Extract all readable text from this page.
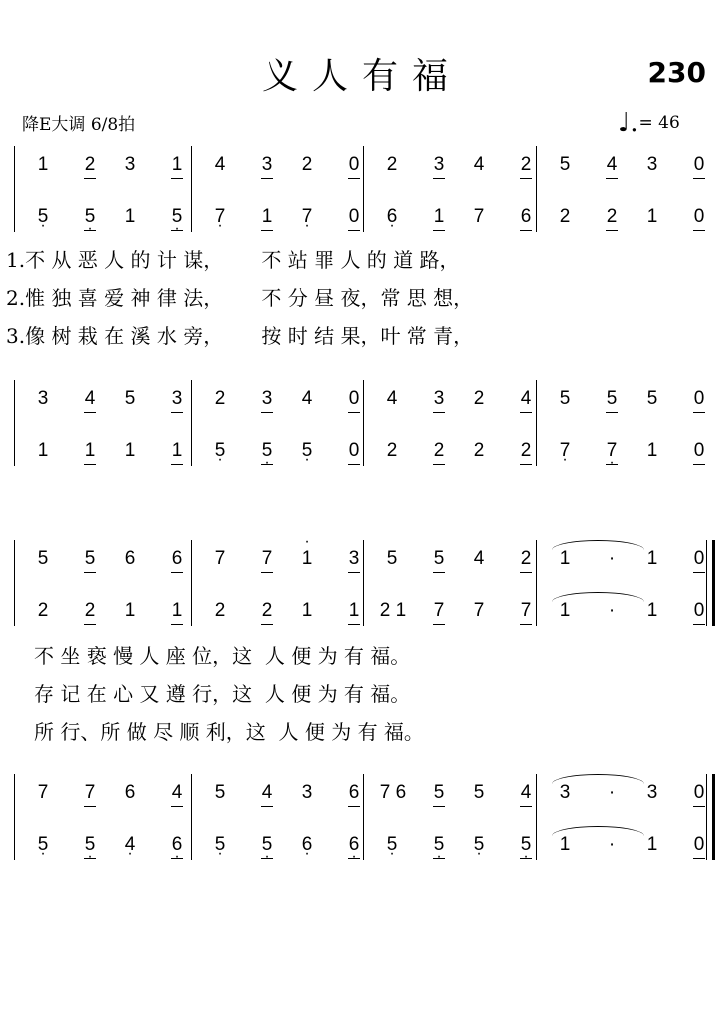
义人有福	230
降E大调 6/8拍	♩.= 46
1	2	3	1	4	3	2	0	2	3	4	2	5	4	3	0
· 5	· 5	1	· 5	· 7	1	· 7	0	· 6	1	7	6	2	2	1	0
1.不 从 恶 人 的 计 谋，      不 站 罪 人 的 道 路，
2.惟 独 喜 爱 神 律 法，      不 分 昼 夜，常 思 想，
3.像 树 栽 在 溪 水 旁，      按 时 结 果，叶 常 青，
3	4	5	3	2	3	4	0	4	3	2	4	5	5	5	0
1	1	1	1	· 5	· 5	· 5	0	2	2	2	2	· 7	· 7	1	0
5	5	6	6	7	7	· 1	3	5	5	4	2	1	·	1	0
2	2	1	1	2	2	1	1	2 1	7	7	7	1	·	1	0
不 坐 亵 慢 人 座 位，这  人 便 为 有 福。
存 记 在 心 又 遵 行，这  人 便 为 有 福。
所 行、所 做 尽 顺 利，这  人 便 为 有 福。
7	7	6	4	5	4	3	6	7 6	5	5	4	3	·	3	0
· 5	· 5	· 4	· 6	· 5	· 5	· 6	· 6	· 5	· 5	· 5	· 5	1	·	1	0
